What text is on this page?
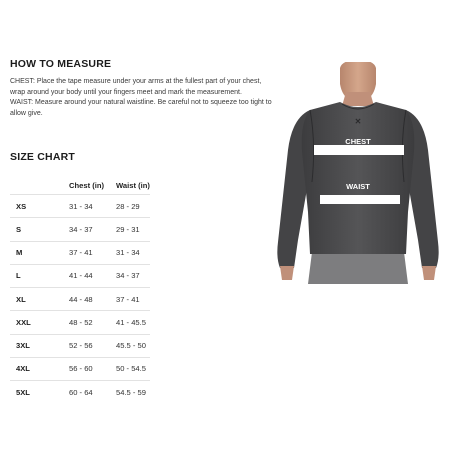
HOW TO MEASURE

CHEST: Place the tape measure under your arms at the fullest part of your chest, wrap around your body until your fingers meet and mark the measurement.

WAIST: Measure around your natural waistline. Be careful not to squeeze too tight to allow give.

SIZE CHART
	Chest (in)	Waist (in)
XS	31 - 34	28 - 29
S	34 - 37	29 - 31
M	37 - 41	31 - 34
L	41 - 44	34 - 37
XL	44 - 48	37 - 41
XXL	48 - 52	41 - 45.5
3XL	52 - 56	45.5 - 50
4XL	56 - 60	50 - 54.5
5XL	60 - 64	54.5 - 59
✕
CHEST
WAIST
